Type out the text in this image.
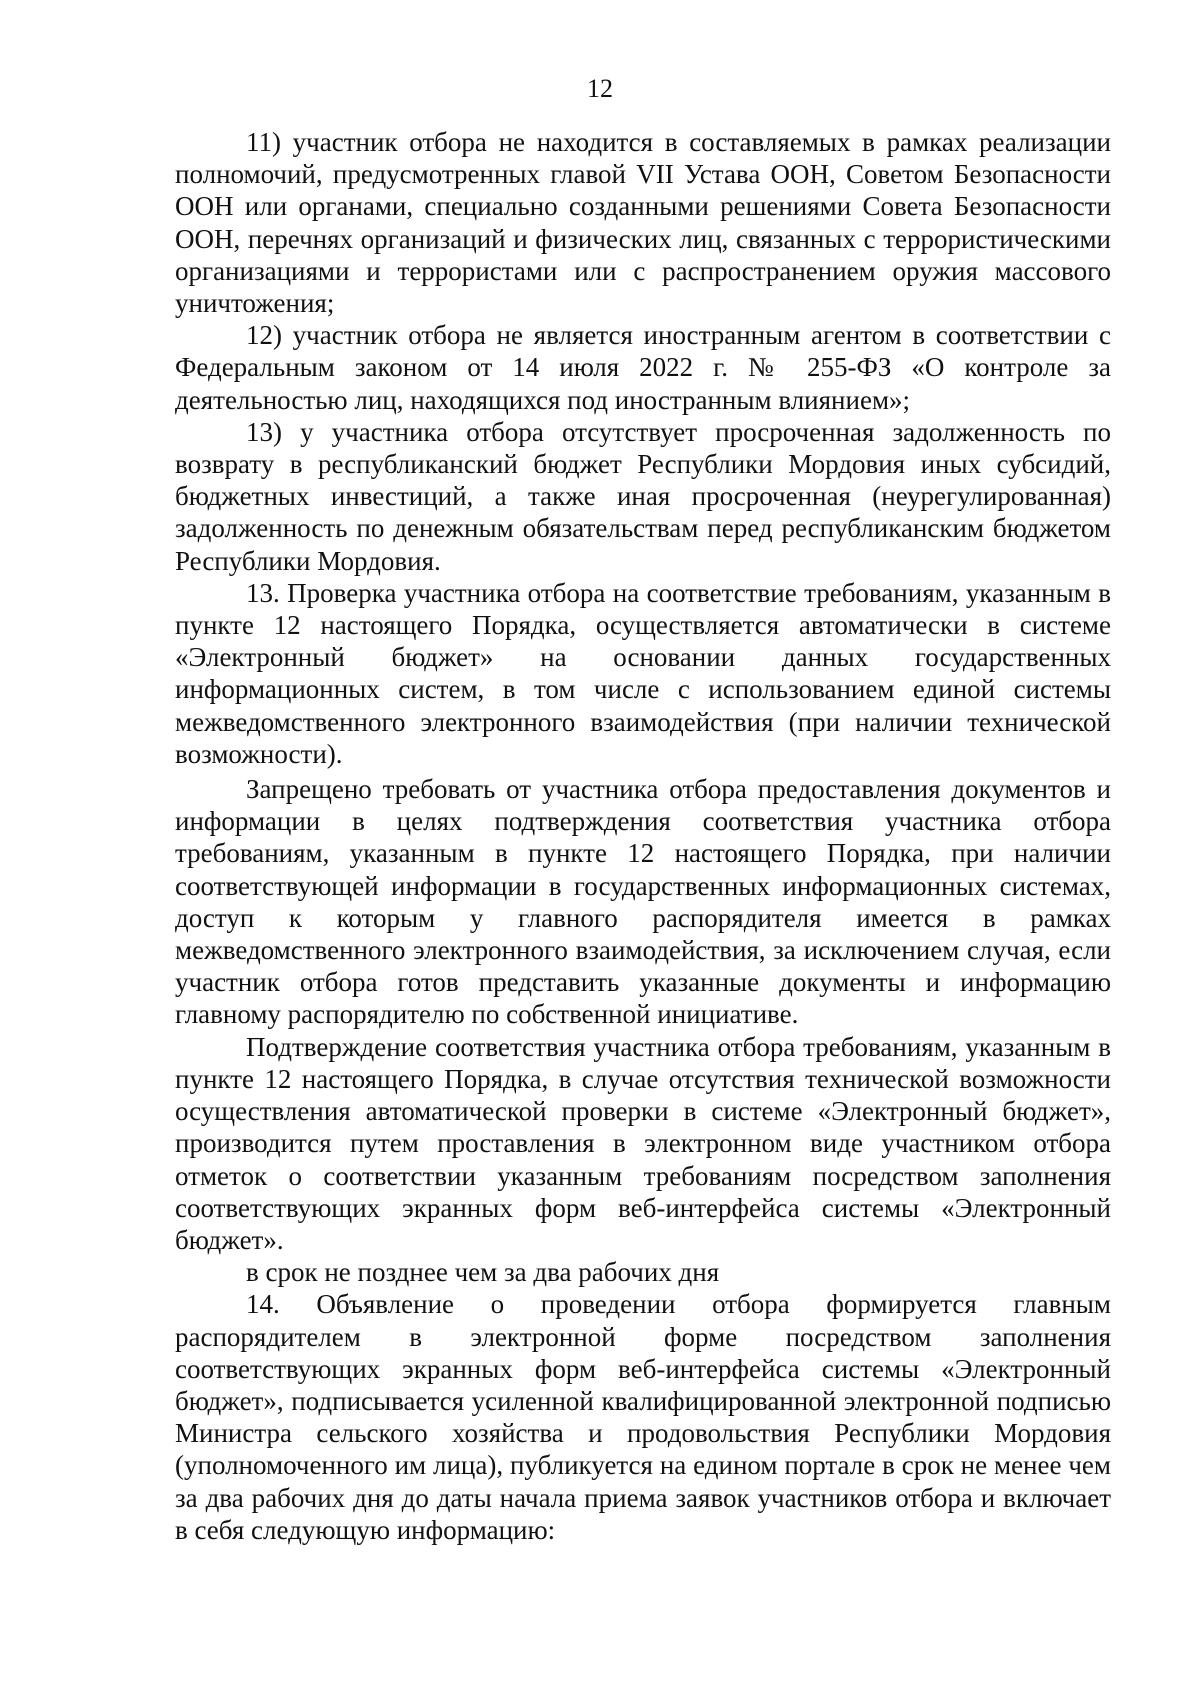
12

11) участник отбора не находится в составляемых в рамках реализации полномочий, предусмотренных главой VII Устава ООН, Советом Безопасности ООН или органами, специально созданными решениями Совета Безопасности ООН, перечнях организаций и физических лиц, связанных с террористическими организациями и террористами или с распространением оружия массового уничтожения;

12) участник отбора не является иностранным агентом в соответствии с Федеральным законом от 14 июля 2022 г. № 255-ФЗ «О контроле за деятельностью лиц, находящихся под иностранным влиянием»;

13) у участника отбора отсутствует просроченная задолженность по возврату в республиканский бюджет Республики Мордовия иных субсидий, бюджетных инвестиций, а также иная просроченная (неурегулированная) задолженность по денежным обязательствам перед республиканским бюджетом Республики Мордовия.

13. Проверка участника отбора на соответствие требованиям, указанным в пункте 12 настоящего Порядка, осуществляется автоматически в системе «Электронный бюджет» на основании данных государственных информационных систем, в том числе с использованием единой системы межведомственного электронного взаимодействия (при наличии технической возможности).

Запрещено требовать от участника отбора предоставления документов и информации в целях подтверждения соответствия участника отбора требованиям, указанным в пункте 12 настоящего Порядка, при наличии соответствующей информации в государственных информационных системах, доступ к которым у главного распорядителя имеется в рамках межведомственного электронного взаимодействия, за исключением случая, если участник отбора готов представить указанные документы и информацию главному распорядителю по собственной инициативе.

Подтверждение соответствия участника отбора требованиям, указанным в пункте 12 настоящего Порядка, в случае отсутствия технической возможности осуществления автоматической проверки в системе «Электронный бюджет», производится путем проставления в электронном виде участником отбора отметок о соответствии указанным требованиям посредством заполнения соответствующих экранных форм веб-интерфейса системы «Электронный бюджет».

в срок не позднее чем за два рабочих дня

14. Объявление о проведении отбора формируется главным распорядителем в электронной форме посредством заполнения соответствующих экранных форм веб-интерфейса системы «Электронный бюджет», подписывается усиленной квалифицированной электронной подписью Министра сельского хозяйства и продовольствия Республики Мордовия (уполномоченного им лица), публикуется на едином портале в срок не менее чем за два рабочих дня до даты начала приема заявок участников отбора и включает в себя следующую информацию:
